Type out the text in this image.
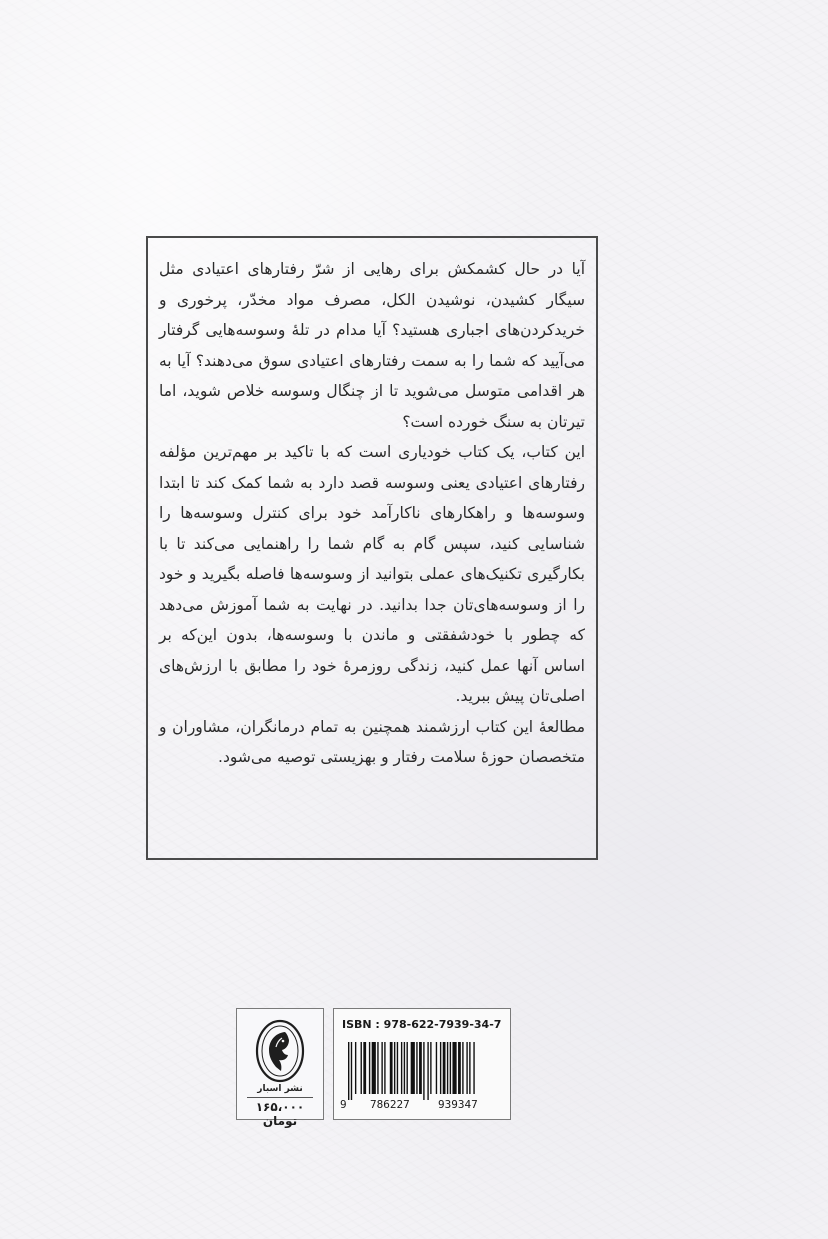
آیا در حال کشمکش برای رهایی از شرّ رفتارهای اعتیادی مثل سیگار کشیدن، نوشیدن الکل، مصرف مواد مخدّر، پرخوری و خریدکردن‌های اجباری هستید؟ آیا مدام در تلۀ وسوسه‌هایی گرفتار می‌آیید که شما را به سمت رفتارهای اعتیادی سوق می‌دهند؟ آیا به هر اقدامی متوسل می‌شوید تا از چنگال وسوسه خلاص شوید، اما تیرتان به سنگ خورده است؟

این کتاب، یک کتاب خودیاری است که با تاکید بر مهم‌ترین مؤلفه رفتارهای اعتیادی یعنی وسوسه قصد دارد به شما کمک کند تا ابتدا وسوسه‌ها و راهکارهای ناکارآمد خود برای کنترل وسوسه‌ها را شناسایی کنید، سپس گام به گام شما را راهنمایی می‌کند تا با بکارگیری تکنیک‌های عملی بتوانید از وسوسه‌ها فاصله بگیرید و خود را از وسوسه‌های‌تان جدا بدانید. در نهایت به شما آموزش می‌دهد که چطور با خودشفقتی و ماندن با وسوسه‌ها، بدون این‌که بر اساس آنها عمل کنید، زندگی روزمرۀ خود را مطابق با ارزش‌های اصلی‌تان پیش ببرید.

مطالعۀ این کتاب ارزشمند همچنین به تمام درمانگران، مشاوران و متخصصان حوزۀ سلامت رفتار و بهزیستی توصیه می‌شود.

نشر اسبار
۱۶۵،۰۰۰ تومان
ISBN : 978-622-7939-34-7
9 786227	939347
